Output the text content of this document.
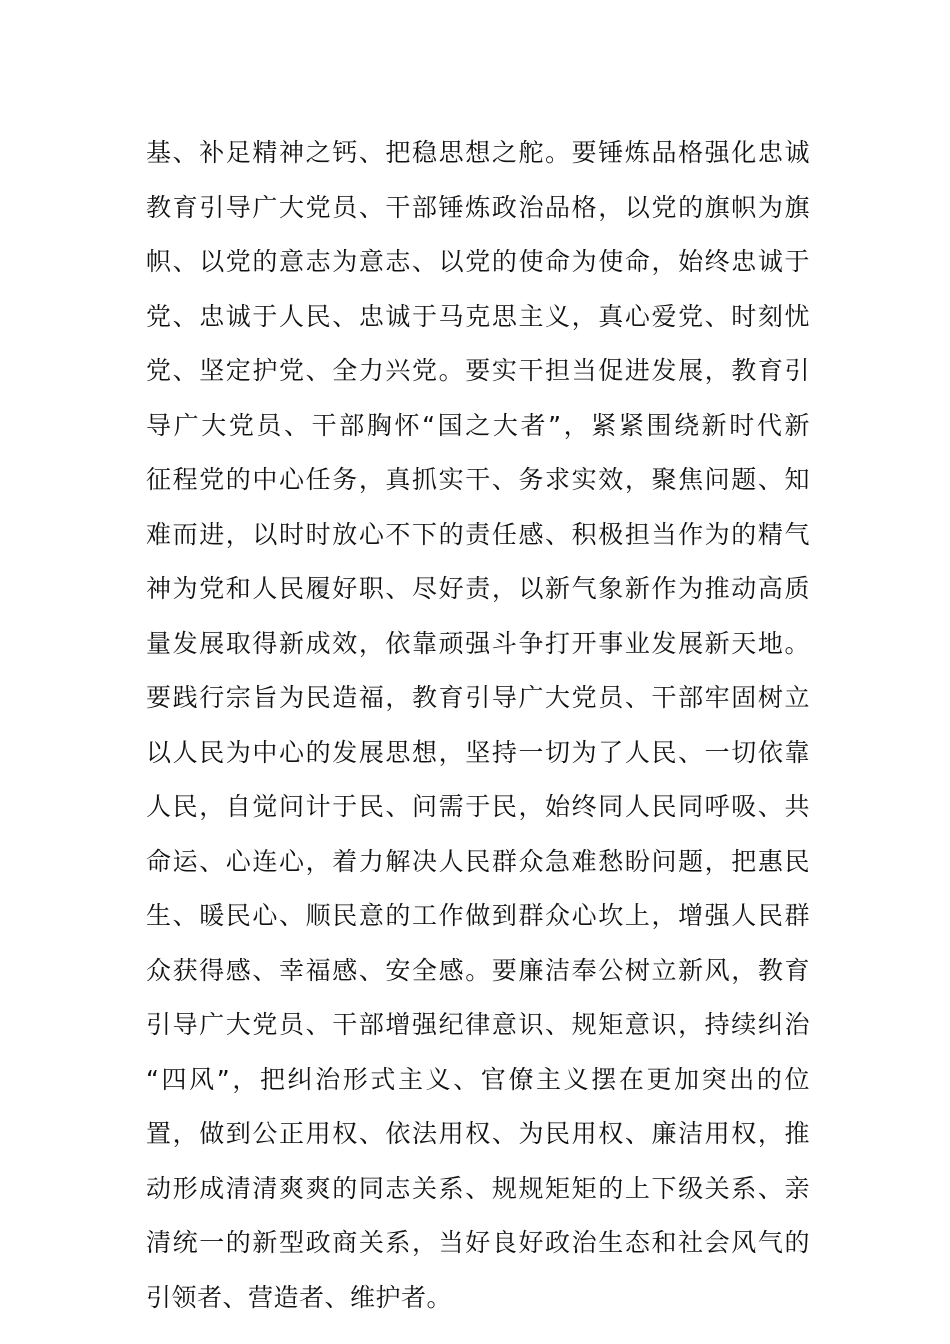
基、补足精神之钙、把稳思想之舵。要锤炼品格强化忠诚
教育引导广大党员、干部锤炼政治品格，以党的旗帜为旗
帜、以党的意志为意志、以党的使命为使命，始终忠诚于
党、忠诚于人民、忠诚于马克思主义，真心爱党、时刻忧
党、坚定护党、全力兴党。要实干担当促进发展，教育引
导广大党员、干部胸怀“国之大者”，紧紧围绕新时代新
征程党的中心任务，真抓实干、务求实效，聚焦问题、知
难而进，以时时放心不下的责任感、积极担当作为的精气
神为党和人民履好职、尽好责，以新气象新作为推动高质
量发展取得新成效，依靠顽强斗争打开事业发展新天地。
要践行宗旨为民造福，教育引导广大党员、干部牢固树立
以人民为中心的发展思想，坚持一切为了人民、一切依靠
人民，自觉问计于民、问需于民，始终同人民同呼吸、共
命运、心连心，着力解决人民群众急难愁盼问题，把惠民
生、暖民心、顺民意的工作做到群众心坎上，增强人民群
众获得感、幸福感、安全感。要廉洁奉公树立新风，教育
引导广大党员、干部增强纪律意识、规矩意识，持续纠治
“四风”，把纠治形式主义、官僚主义摆在更加突出的位
置，做到公正用权、依法用权、为民用权、廉洁用权，推
动形成清清爽爽的同志关系、规规矩矩的上下级关系、亲
清统一的新型政商关系，当好良好政治生态和社会风气的
引领者、营造者、维护者。
